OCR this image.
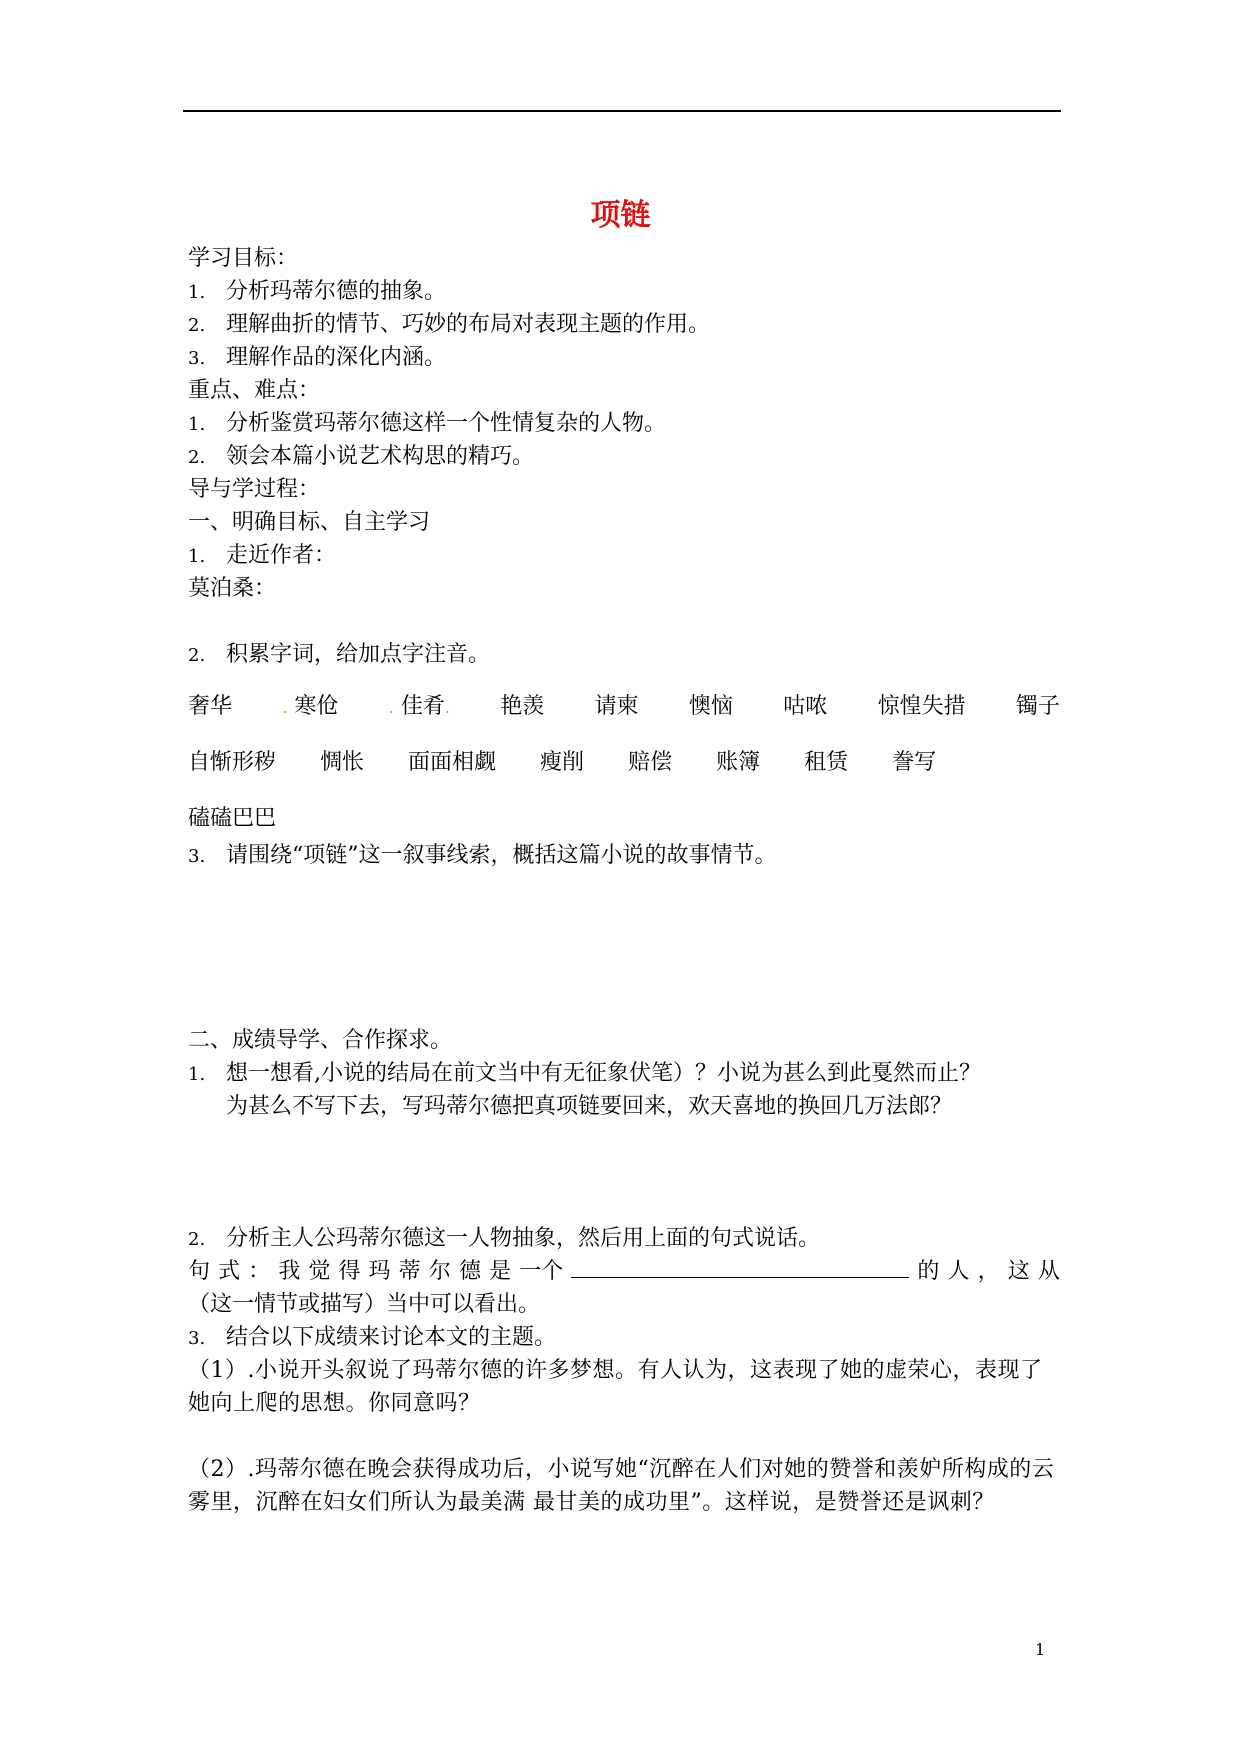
项链
学习目标：
1. 分析玛蒂尔德的抽象。
2. 理解曲折的情节、巧妙的布局对表现主题的作用。
3. 理解作品的深化内涵。
重点、难点：
1. 分析鉴赏玛蒂尔德这样一个性情复杂的人物。
2. 领会本篇小说艺术构思的精巧。
导与学过程：
一、明确目标、自主学习
1. 走近作者：
莫泊桑：
2. 积累字词，给加点字注音。
奢华	. 寒伧	. 佳肴. 艳羡 请柬 懊恼 咕哝 惊惶失措 镯子
自惭形秽 惆怅 面面相觑 瘦削 赔偿 账簿 租赁 誊写
磕磕巴巴
3. 请围绕“项链”这一叙事线索，概括这篇小说的故事情节。
二、成绩导学、合作探求。
1. 想一想看,小说的结局在前文当中有无征象伏笔）？小说为甚么到此戛然而止？
为甚么不写下去，写玛蒂尔德把真项链要回来，欢天喜地的换回几万法郎？
2. 分析主人公玛蒂尔德这一人物抽象，然后用上面的句式说话。
句 式 ： 我 觉 得 玛 蒂 尔 德 是 一个	的 人 ， 这 从
（这一情节或描写）当中可以看出。
3. 结合以下成绩来讨论本文的主题。
（1）.小说开头叙说了玛蒂尔德的许多梦想。有人认为，这表现了她的虚荣心，表现了她向上爬的思想。你同意吗？
（2）.玛蒂尔德在晚会获得成功后，小说写她“沉醉在人们对她的赞誉和羡妒所构成的云雾里，沉醉在妇女们所认为最美满 最甘美的成功里”。这样说，是赞誉还是讽刺？
1
